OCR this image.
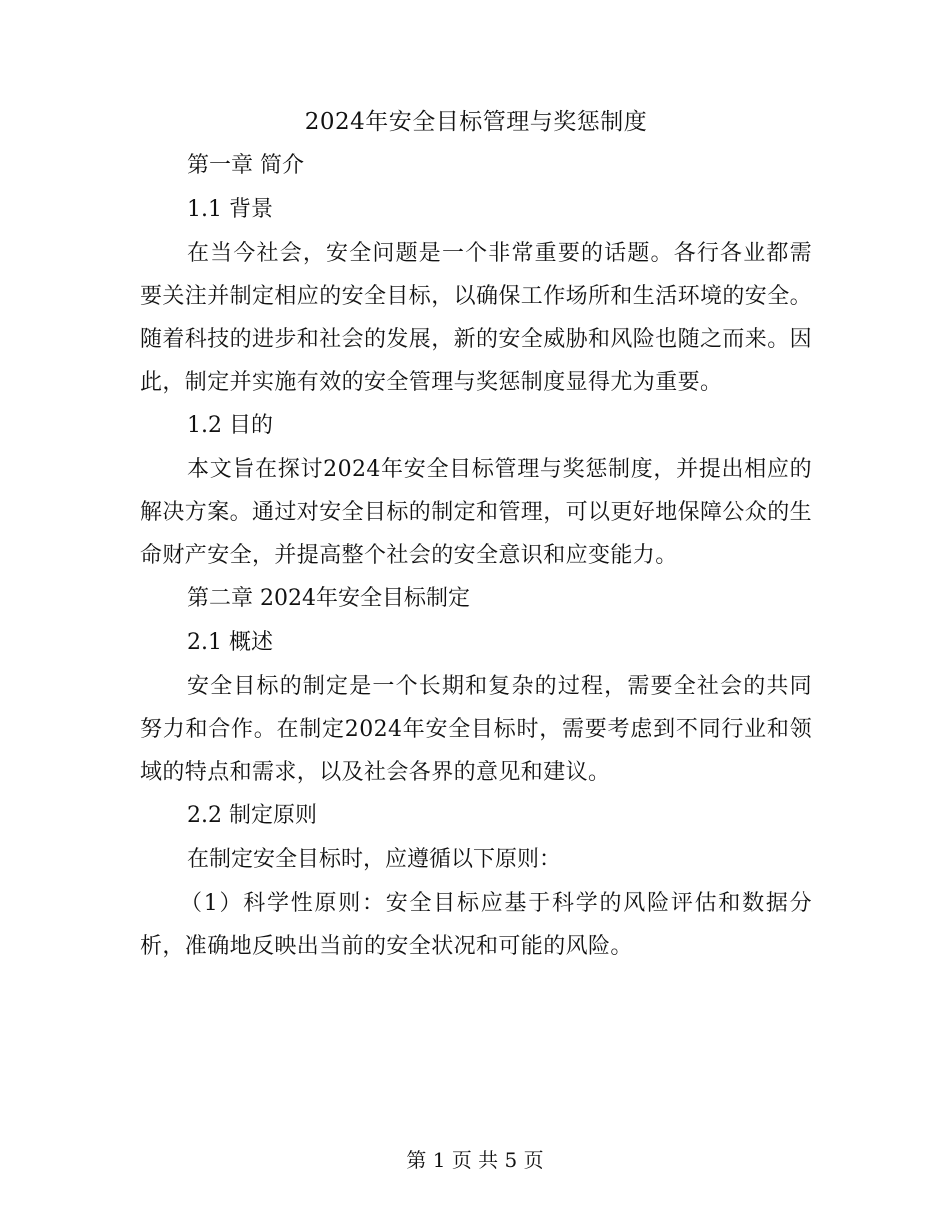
2024年安全目标管理与奖惩制度

第一章 简介

1.1 背景

在当今社会，安全问题是一个非常重要的话题。各行各业都需要关注并制定相应的安全目标，以确保工作场所和生活环境的安全。随着科技的进步和社会的发展，新的安全威胁和风险也随之而来。因此，制定并实施有效的安全管理与奖惩制度显得尤为重要。

1.2 目的

本文旨在探讨2024年安全目标管理与奖惩制度，并提出相应的解决方案。通过对安全目标的制定和管理，可以更好地保障公众的生命财产安全，并提高整个社会的安全意识和应变能力。

第二章 2024年安全目标制定

2.1 概述

安全目标的制定是一个长期和复杂的过程，需要全社会的共同努力和合作。在制定2024年安全目标时，需要考虑到不同行业和领域的特点和需求，以及社会各界的意见和建议。

2.2 制定原则

在制定安全目标时，应遵循以下原则：

（1）科学性原则：安全目标应基于科学的风险评估和数据分析，准确地反映出当前的安全状况和可能的风险。

第 1 页 共 5 页
